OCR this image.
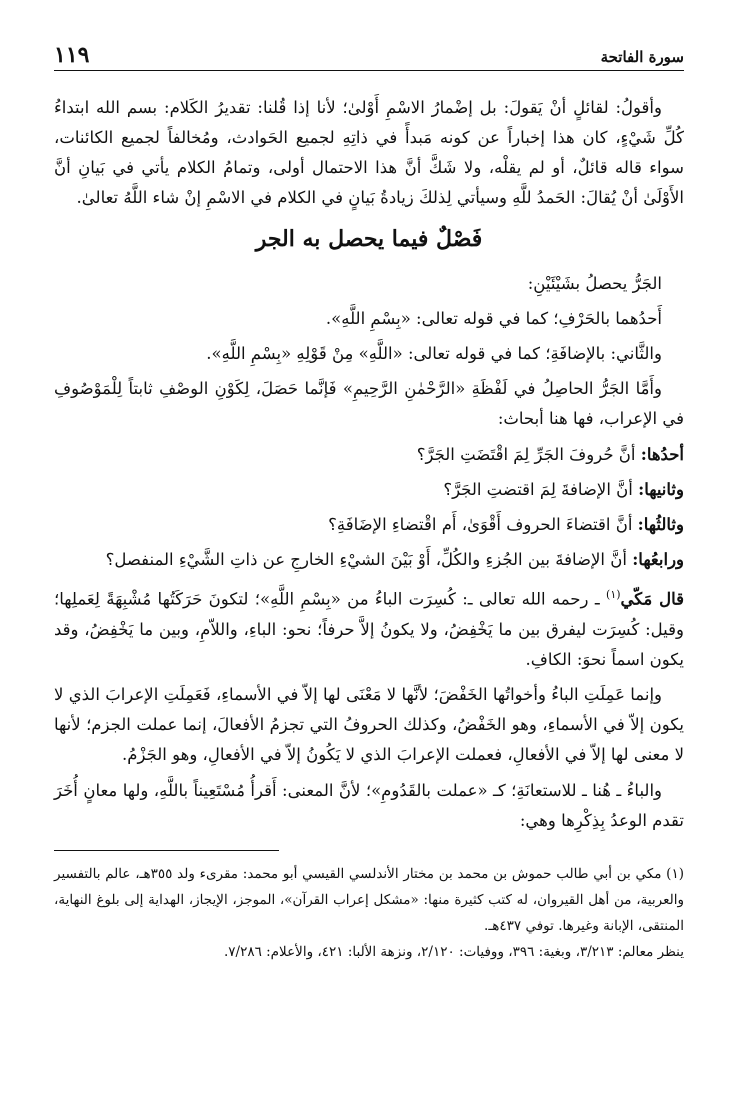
سورة الفاتحة
١١٩

وأقولُ: لقائلٍ أنْ يَقولَ: بل إضْمارُ الاسْمِ أَوْلىٰ؛ لأنا إذا قُلنا: تقديرُ الكَلام: بسم الله ابتداءُ كُلِّ شَيْءٍ، كان هذا إخباراً عن كونه مَبدأً في ذاتِهِ لجميع الحَوادث، ومُخالفاً لجميع الكائنات، سواء قاله قائلٌ، أو لم يقلْه، ولا شَكَّ أنَّ هذا الاحتمال أولى، وتمامُ الكلام يأتي في بَيانِ أنَّ الأَوْلَىٰ أنْ يُقالَ: الحَمدُ للَّهِ وسيأتي لِذلكَ زيادةُ بَيانٍ في الكلام في الاسْمِ إنْ شاء اللَّهُ تعالىٰ.

فَصْلٌ فيما يحصل به الجر

الجَرُّ يحصلُ بشَيْئَيْنِ:

أَحدُهما بالحَرْفِ؛ كما في قوله تعالى: «بِسْمِ اللَّهِ».

والثَّاني: بالإضافَةِ؛ كما في قوله تعالى: «اللَّهِ» مِنْ قَوْلِهِ «بِسْمِ اللَّهِ».

وأَمَّا الجَرُّ الحاصِلُ في لَفْظَةِ «الرَّحْمٰنِ الرَّحِيمِ» فَإنَّما حَصَلَ، لِكَوْنِ الوصْفِ ثابتاً لِلْمَوْصُوفِ في الإعراب، فها هنا أبحاث:

أحدُها: أنَّ حُروفَ الجَرِّ لِمَ اقْتَضَتِ الجَرَّ؟

وثانيها: أنَّ الإضافةَ لِمَ اقتضتِ الجَرَّ؟

وثالثُها: أنَّ اقتضاءَ الحروف أَقْوَىٰ، أَم اقْتضاءِ الإضَافَةِ؟

ورابعُها: أنَّ الإضافةَ بين الجُزءِ والكُلِّ، أَوْ بَيْنَ الشيْءِ الخارجِ عن ذاتِ الشَّيْءِ المنفصل؟

قال مَكّي$^{(١)}$ ـ رحمه الله تعالى ـ: كُسِرَت الباءُ من «بِسْمِ اللَّهِ»؛ لتكونَ حَرَكَتُها مُشْبِهَةً لِعَملِها؛ وقيل: كُسِرَت ليفرق بين ما يَخْفِضُ، ولا يكونُ إلاَّ حرفاً؛ نحو: الباءِ، واللاّمِ، وبين ما يَخْفِضُ، وقد يكون اسماً نحوَ: الكافِ.

وإنما عَمِلَتِ الباءُ وأخواتُها الخَفْضَ؛ لأنَّها لا مَعْنَى لها إلاّ في الأسماءِ، فَعَمِلَتِ الإعرابَ الذي لا يكون إلاّ في الأسماءِ، وهو الخَفْضُ، وكذلك الحروفُ التي تجزمُ الأفعالَ، إنما عملت الجزم؛ لأنها لا معنى لها إلاّ في الأفعالِ، فعملت الإعرابَ الذي لا يَكُونُ إلاّ في الأفعالِ، وهو الجَزْمُ.

والباءُ ـ هُنا ـ للاستعانَةِ؛ كـ «عملت بالقَدُومِ»؛ لأنَّ المعنى: أَقرأُ مُسْتَعِيناً باللَّهِ، ولها معانٍ أُخَرَ تقدم الوعدُ بِذِكْرِها وهي:

(١) مكي بن أبي طالب حموش بن محمد بن مختار الأندلسي القيسي أبو محمد: مقرىء ولد ٣٥٥هـ، عالم بالتفسير والعربية، من أهل القيروان، له كتب كثيرة منها: «مشكل إعراب القرآن»، الموجز، الإيجاز، الهداية إلى بلوغ النهاية، المنتقى، الإبانة وغيرها. توفي ٤٣٧هـ.

ينظر معالم: ٣/٢١٣، وبغية: ٣٩٦، ووفيات: ٢/١٢٠، ونزهة الألبا: ٤٢١، والأعلام: ٧/٢٨٦.
